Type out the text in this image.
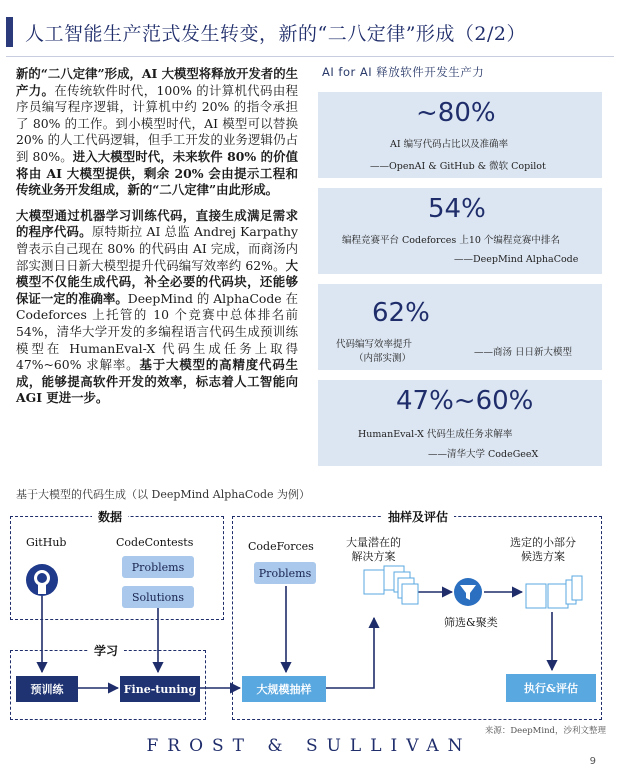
人工智能生产范式发生转变，新的“二八定律”形成（2/2）

新的“二八定律”形成，AI 大模型将释放开发者的生产力。在传统软件时代，100% 的计算机代码由程序员编写程序逻辑，计算机中约 20% 的指令承担了 80% 的工作。到小模型时代，AI 模型可以替换 20% 的人工代码逻辑，但手工开发的业务逻辑仍占到 80%。进入大模型时代，未来软件 80% 的价值将由 AI 大模型提供，剩余 20% 会由提示工程和传统业务开发组成，新的“二八定律”由此形成。

大模型通过机器学习训练代码，直接生成满足需求的程序代码。原特斯拉 AI 总监 Andrej Karpathy 曾表示自己现在 80% 的代码由 AI 完成，而商汤内部实测日日新大模型提升代码编写效率约 62%。大模型不仅能生成代码，补全必要的代码块，还能够保证一定的准确率。DeepMind 的 AlphaCode 在 Codeforces 上托管的 10 个竞赛中总体排名前 54%，清华大学开发的多编程语言代码生成预训练模型在 HumanEval-X 代码生成任务上取得 47%~60% 求解率。基于大模型的高精度代码生成，能够提高软件开发的效率，标志着人工智能向 AGI 更进一步。

AI for AI 释放软件开发生产力
~80%
AI 编写代码占比以及准确率
——OpenAI & GitHub & 微软 Copilot
54%
编程竞赛平台 Codeforces 上10 个编程竞赛中排名
——DeepMind AlphaCode
62%
代码编写效率提升
（内部实测）
——商汤 日日新大模型
47%~60%
HumanEval-X 代码生成任务求解率
——清华大学 CodeGeeX
基于大模型的代码生成（以 DeepMind AlphaCode 为例）
数据
学习
抽样及评估
GitHub	CodeContests
Problems
Solutions
CodeForces
Problems
大量潜在的
解决方案
筛选&聚类
选定的小部分
候选方案
预训练	Fine-tuning	大规模抽样	执行&评估
来源：DeepMind，沙利文整理
FROST & SULLIVAN
9
